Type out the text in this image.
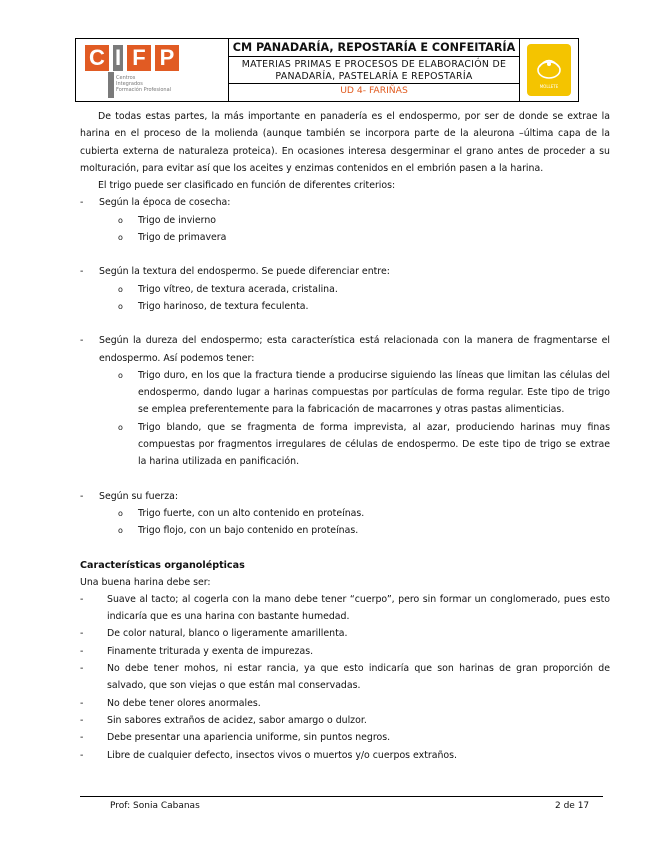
C I F P
Centros
Integrados
Formación Profesional
CM PANADARÍA, REPOSTARÍA E CONFEITARÍA
MATERIAS PRIMAS E PROCESOS DE ELABORACIÓN DE PANADARÍA, PASTELARÍA E REPOSTARÍA
UD 4- FARIÑAS	MOLLETE

De todas estas partes, la más importante en panadería es el endospermo, por ser de donde se extrae la harina en el proceso de la molienda (aunque también se incorpora parte de la aleurona –última capa de la cubierta externa de naturaleza proteica). En ocasiones interesa desgerminar el grano antes de proceder a su molturación, para evitar así que los aceites y enzimas contenidos en el embrión pasen a la harina.

El trigo puede ser clasificado en función de diferentes criterios:

- Según la época de cosecha:
o Trigo de invierno
o Trigo de primavera
- Según la textura del endospermo. Se puede diferenciar entre:
o Trigo vítreo, de textura acerada, cristalina.
o Trigo harinoso, de textura feculenta.
- Según la dureza del endospermo; esta característica está relacionada con la manera de fragmentarse el endospermo. Así podemos tener:
o Trigo duro, en los que la fractura tiende a producirse siguiendo las líneas que limitan las células del endospermo, dando lugar a harinas compuestas por partículas de forma regular. Este tipo de trigo se emplea preferentemente para la fabricación de macarrones y otras pastas alimenticias.
o Trigo blando, que se fragmenta de forma imprevista, al azar, produciendo harinas muy finas compuestas por fragmentos irregulares de células de endospermo. De este tipo de trigo se extrae la harina utilizada en panificación.
- Según su fuerza:
o Trigo fuerte, con un alto contenido en proteínas.
o Trigo flojo, con un bajo contenido en proteínas.
Características organolépticas

Una buena harina debe ser:

-	Suave al tacto; al cogerla con la mano debe tener “cuerpo”, pero sin formar un conglomerado, pues esto indicaría que es una harina con bastante humedad.
-	De color natural, blanco o ligeramente amarillenta.
-	Finamente triturada y exenta de impurezas.
-	No debe tener mohos, ni estar rancia, ya que esto indicaría que son harinas de gran proporción de salvado, que son viejas o que están mal conservadas.
-	No debe tener olores anormales.
-	Sin sabores extraños de acidez, sabor amargo o dulzor.
-	Debe presentar una apariencia uniforme, sin puntos negros.
-	Libre de cualquier defecto, insectos vivos o muertos y/o cuerpos extraños.
Prof: Sonia Cabanas	2 de 17
